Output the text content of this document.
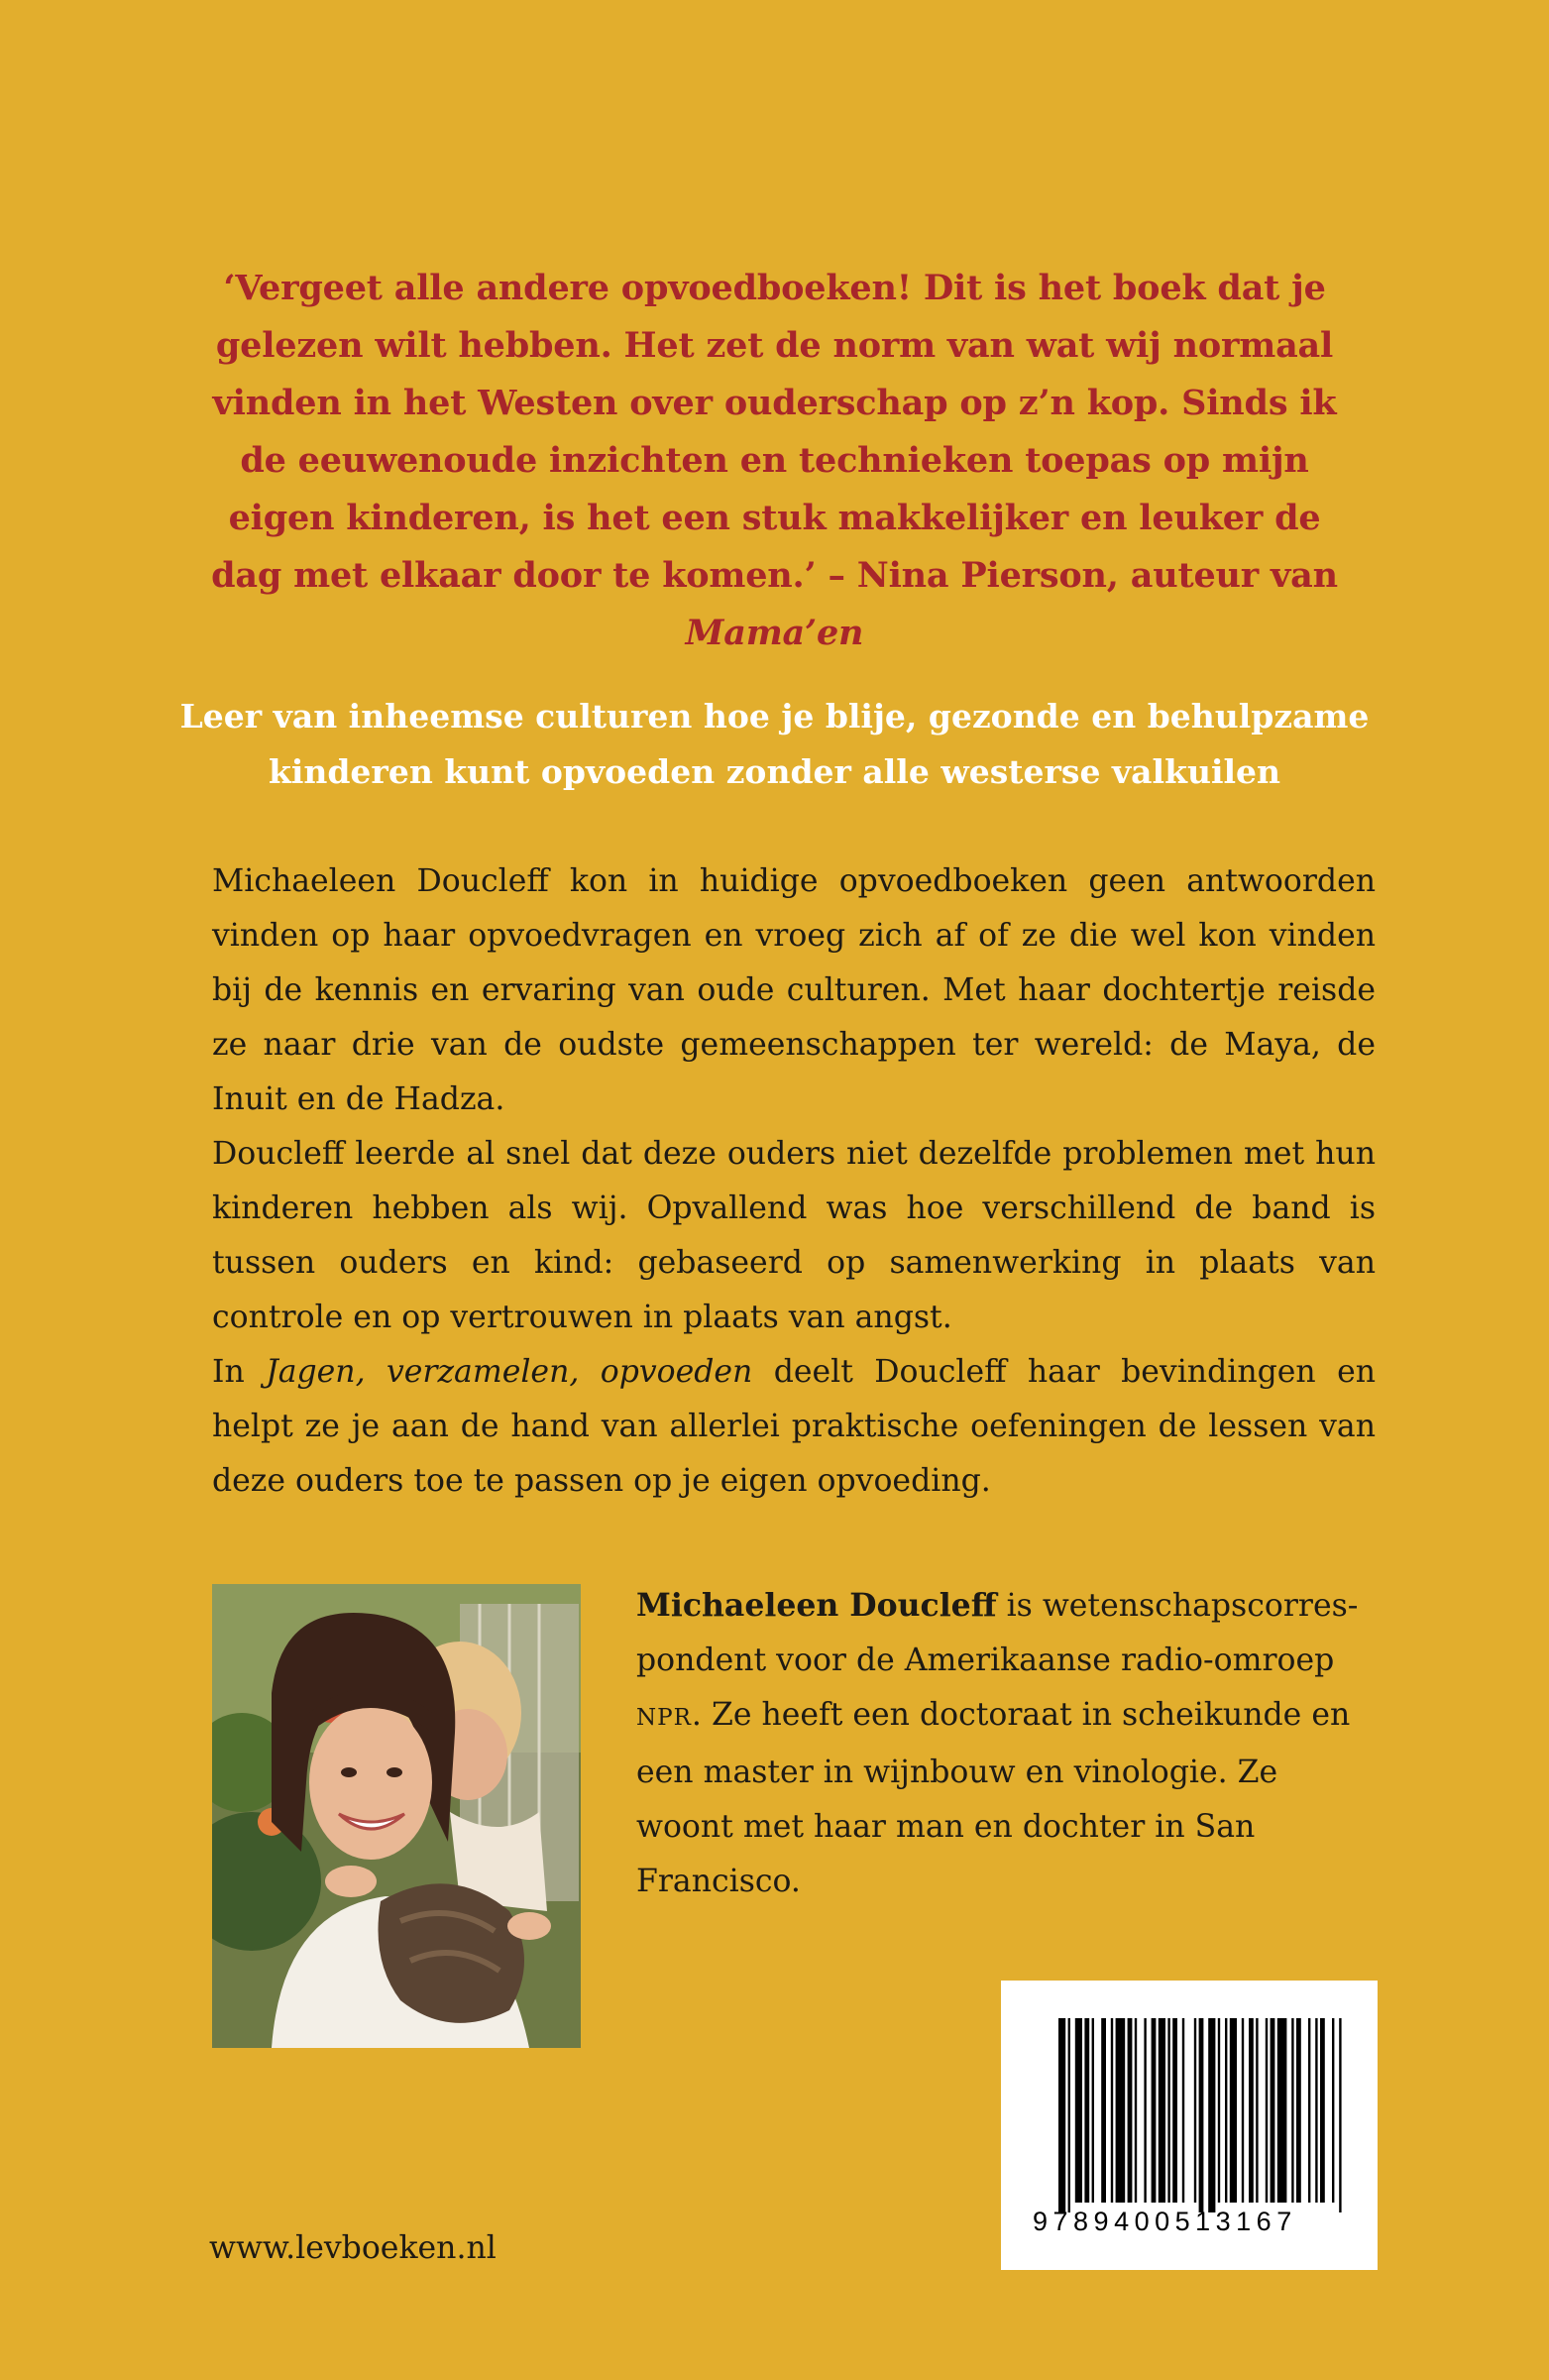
‘Vergeet alle andere opvoedboeken! Dit is het boek dat je gelezen wilt hebben. Het zet de norm van wat wij normaal vinden in het Westen over ouderschap op z’n kop. Sinds ik de eeuwenoude inzichten en technieken toepas op mijn eigen kinderen, is het een stuk makkelijker en leuker de dag met elkaar door te komen.’ – Nina Pierson, auteur van Mama’en
Leer van inheemse culturen hoe je blije, gezonde en behulpzame
kinderen kunt opvoeden zonder alle westerse valkuilen

Michaeleen Doucleff kon in huidige opvoedboeken geen antwoorden vinden op haar opvoedvragen en vroeg zich af of ze die wel kon vinden bij de kennis en ervaring van oude culturen. Met haar dochtertje reisde ze naar drie van de oudste gemeenschappen ter wereld: de Maya, de Inuit en de Hadza.

Doucleff leerde al snel dat deze ouders niet dezelfde problemen met hun kinderen hebben als wij. Opvallend was hoe verschillend de band is tussen ouders en kind: gebaseerd op samenwerking in plaats van controle en op vertrouwen in plaats van angst.

In Jagen, verzamelen, opvoeden deelt Doucleff haar bevindingen en helpt ze je aan de hand van allerlei praktische oefeningen de lessen van deze ouders toe te passen op je eigen opvoeding.

Michaeleen Doucleff is wetenschapscorres-pondent voor de Amerikaanse radio-omroep NPR. Ze heeft een doctoraat in scheikunde en een master in wijnbouw en vinologie. Ze woont met haar man en dochter in San Francisco.
9789400513167
www.levboeken.nl
